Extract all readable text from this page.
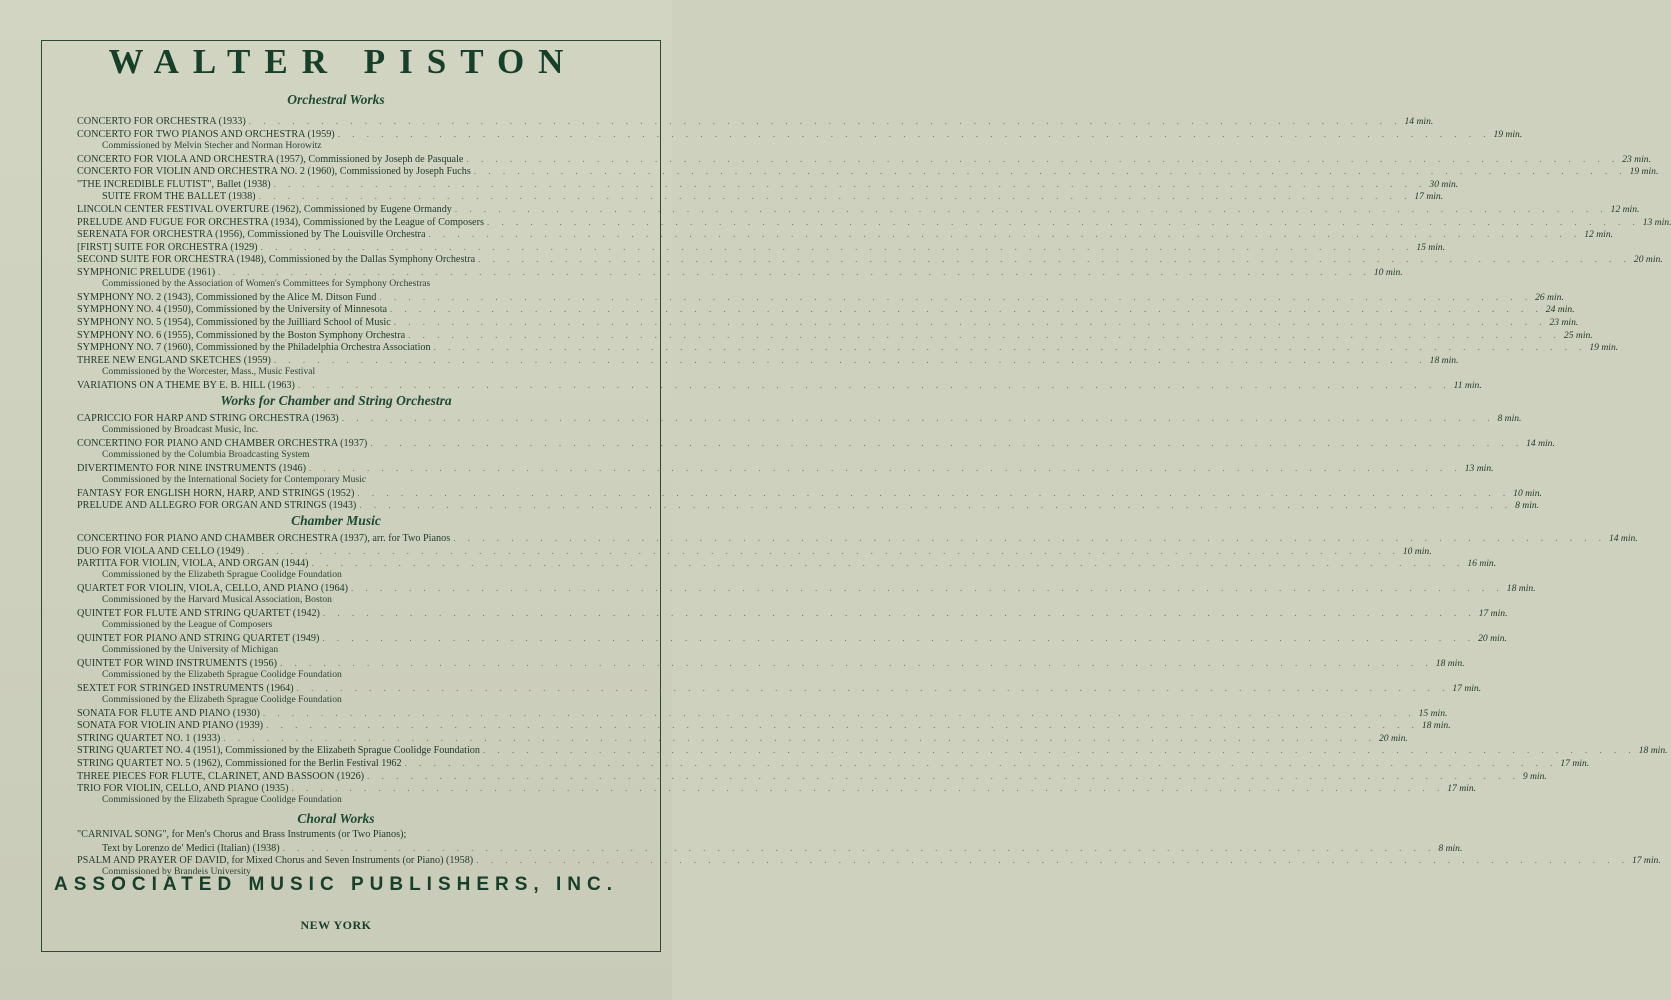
WALTER PISTON
Orchestral Works
CONCERTO FOR ORCHESTRA (1933) . . . . . . . . . . . . . . . . . . . . . . . . . . . . . . . . . . . . . . . . . . . . . . . . . . . . . . . . . . . . . . . . . . . . . . . . . . . . . . . . 14 min.
CONCERTO FOR TWO PIANOS AND ORCHESTRA (1959) . . . . . . . . . . . . . . . . . . . . . . . . . . . . . . . . . . . . . . . . . . . . . . . . . . . . . . . . . . . . . . . . . . . . . . . . . . . . . . . . 19 min.
Commissioned by Melvin Stecher and Norman Horowitz
CONCERTO FOR VIOLA AND ORCHESTRA (1957), Commissioned by Joseph de Pasquale . . . . . . . . . . . . . . . . . . . . . . . . . . . . . . . . . . . . . . . . . . . . . . . . . . . . . . . . . . . . . . . . . . . . . . . . . . . . . . . . 23 min.
CONCERTO FOR VIOLIN AND ORCHESTRA NO. 2 (1960), Commissioned by Joseph Fuchs . . . . . . . . . . . . . . . . . . . . . . . . . . . . . . . . . . . . . . . . . . . . . . . . . . . . . . . . . . . . . . . . . . . . . . . . . . . . . . . . 19 min.
"THE INCREDIBLE FLUTIST", Ballet (1938) . . . . . . . . . . . . . . . . . . . . . . . . . . . . . . . . . . . . . . . . . . . . . . . . . . . . . . . . . . . . . . . . . . . . . . . . . . . . . . . . 30 min.
SUITE FROM THE BALLET (1938) . . . . . . . . . . . . . . . . . . . . . . . . . . . . . . . . . . . . . . . . . . . . . . . . . . . . . . . . . . . . . . . . . . . . . . . . . . . . . . . . 17 min.
LINCOLN CENTER FESTIVAL OVERTURE (1962), Commissioned by Eugene Ormandy . . . . . . . . . . . . . . . . . . . . . . . . . . . . . . . . . . . . . . . . . . . . . . . . . . . . . . . . . . . . . . . . . . . . . . . . . . . . . . . . 12 min.
PRELUDE AND FUGUE FOR ORCHESTRA (1934), Commissioned by the League of Composers . . . . . . . . . . . . . . . . . . . . . . . . . . . . . . . . . . . . . . . . . . . . . . . . . . . . . . . . . . . . . . . . . . . . . . . . . . . . . . . . 13 min.
SERENATA FOR ORCHESTRA (1956), Commissioned by The Louisville Orchestra . . . . . . . . . . . . . . . . . . . . . . . . . . . . . . . . . . . . . . . . . . . . . . . . . . . . . . . . . . . . . . . . . . . . . . . . . . . . . . . . 12 min.
[FIRST] SUITE FOR ORCHESTRA (1929) . . . . . . . . . . . . . . . . . . . . . . . . . . . . . . . . . . . . . . . . . . . . . . . . . . . . . . . . . . . . . . . . . . . . . . . . . . . . . . . . 15 min.
SECOND SUITE FOR ORCHESTRA (1948), Commissioned by the Dallas Symphony Orchestra . . . . . . . . . . . . . . . . . . . . . . . . . . . . . . . . . . . . . . . . . . . . . . . . . . . . . . . . . . . . . . . . . . . . . . . . . . . . . . . . 20 min.
SYMPHONIC PRELUDE (1961) . . . . . . . . . . . . . . . . . . . . . . . . . . . . . . . . . . . . . . . . . . . . . . . . . . . . . . . . . . . . . . . . . . . . . . . . . . . . . . . . 10 min.
Commissioned by the Association of Women's Committees for Symphony Orchestras
SYMPHONY NO. 2 (1943), Commissioned by the Alice M. Ditson Fund . . . . . . . . . . . . . . . . . . . . . . . . . . . . . . . . . . . . . . . . . . . . . . . . . . . . . . . . . . . . . . . . . . . . . . . . . . . . . . . . 26 min.
SYMPHONY NO. 4 (1950), Commissioned by the University of Minnesota . . . . . . . . . . . . . . . . . . . . . . . . . . . . . . . . . . . . . . . . . . . . . . . . . . . . . . . . . . . . . . . . . . . . . . . . . . . . . . . . 24 min.
SYMPHONY NO. 5 (1954), Commissioned by the Juilliard School of Music . . . . . . . . . . . . . . . . . . . . . . . . . . . . . . . . . . . . . . . . . . . . . . . . . . . . . . . . . . . . . . . . . . . . . . . . . . . . . . . . 23 min.
SYMPHONY NO. 6 (1955), Commissioned by the Boston Symphony Orchestra . . . . . . . . . . . . . . . . . . . . . . . . . . . . . . . . . . . . . . . . . . . . . . . . . . . . . . . . . . . . . . . . . . . . . . . . . . . . . . . . 25 min.
SYMPHONY NO. 7 (1960), Commissioned by the Philadelphia Orchestra Association . . . . . . . . . . . . . . . . . . . . . . . . . . . . . . . . . . . . . . . . . . . . . . . . . . . . . . . . . . . . . . . . . . . . . . . . . . . . . . . . 19 min.
THREE NEW ENGLAND SKETCHES (1959) . . . . . . . . . . . . . . . . . . . . . . . . . . . . . . . . . . . . . . . . . . . . . . . . . . . . . . . . . . . . . . . . . . . . . . . . . . . . . . . . 18 min.
Commissioned by the Worcester, Mass., Music Festival
VARIATIONS ON A THEME BY E. B. HILL (1963) . . . . . . . . . . . . . . . . . . . . . . . . . . . . . . . . . . . . . . . . . . . . . . . . . . . . . . . . . . . . . . . . . . . . . . . . . . . . . . . . 11 min.
Works for Chamber and String Orchestra
CAPRICCIO FOR HARP AND STRING ORCHESTRA (1963) . . . . . . . . . . . . . . . . . . . . . . . . . . . . . . . . . . . . . . . . . . . . . . . . . . . . . . . . . . . . . . . . . . . . . . . . . . . . . . . . 8 min.
Commissioned by Broadcast Music, Inc.
CONCERTINO FOR PIANO AND CHAMBER ORCHESTRA (1937) . . . . . . . . . . . . . . . . . . . . . . . . . . . . . . . . . . . . . . . . . . . . . . . . . . . . . . . . . . . . . . . . . . . . . . . . . . . . . . . . 14 min.
Commissioned by the Columbia Broadcasting System
DIVERTIMENTO FOR NINE INSTRUMENTS (1946) . . . . . . . . . . . . . . . . . . . . . . . . . . . . . . . . . . . . . . . . . . . . . . . . . . . . . . . . . . . . . . . . . . . . . . . . . . . . . . . . 13 min.
Commissioned by the International Society for Contemporary Music
FANTASY FOR ENGLISH HORN, HARP, AND STRINGS (1952) . . . . . . . . . . . . . . . . . . . . . . . . . . . . . . . . . . . . . . . . . . . . . . . . . . . . . . . . . . . . . . . . . . . . . . . . . . . . . . . . 10 min.
PRELUDE AND ALLEGRO FOR ORGAN AND STRINGS (1943) . . . . . . . . . . . . . . . . . . . . . . . . . . . . . . . . . . . . . . . . . . . . . . . . . . . . . . . . . . . . . . . . . . . . . . . . . . . . . . . . 8 min.
Chamber Music
CONCERTINO FOR PIANO AND CHAMBER ORCHESTRA (1937), arr. for Two Pianos . . . . . . . . . . . . . . . . . . . . . . . . . . . . . . . . . . . . . . . . . . . . . . . . . . . . . . . . . . . . . . . . . . . . . . . . . . . . . . . . 14 min.
DUO FOR VIOLA AND CELLO (1949) . . . . . . . . . . . . . . . . . . . . . . . . . . . . . . . . . . . . . . . . . . . . . . . . . . . . . . . . . . . . . . . . . . . . . . . . . . . . . . . . 10 min.
PARTITA FOR VIOLIN, VIOLA, AND ORGAN (1944) . . . . . . . . . . . . . . . . . . . . . . . . . . . . . . . . . . . . . . . . . . . . . . . . . . . . . . . . . . . . . . . . . . . . . . . . . . . . . . . . 16 min.
Commissioned by the Elizabeth Sprague Coolidge Foundation
QUARTET FOR VIOLIN, VIOLA, CELLO, AND PIANO (1964) . . . . . . . . . . . . . . . . . . . . . . . . . . . . . . . . . . . . . . . . . . . . . . . . . . . . . . . . . . . . . . . . . . . . . . . . . . . . . . . . 18 min.
Commissioned by the Harvard Musical Association, Boston
QUINTET FOR FLUTE AND STRING QUARTET (1942) . . . . . . . . . . . . . . . . . . . . . . . . . . . . . . . . . . . . . . . . . . . . . . . . . . . . . . . . . . . . . . . . . . . . . . . . . . . . . . . . 17 min.
Commissioned by the League of Composers
QUINTET FOR PIANO AND STRING QUARTET (1949) . . . . . . . . . . . . . . . . . . . . . . . . . . . . . . . . . . . . . . . . . . . . . . . . . . . . . . . . . . . . . . . . . . . . . . . . . . . . . . . . 20 min.
Commissioned by the University of Michigan
QUINTET FOR WIND INSTRUMENTS (1956) . . . . . . . . . . . . . . . . . . . . . . . . . . . . . . . . . . . . . . . . . . . . . . . . . . . . . . . . . . . . . . . . . . . . . . . . . . . . . . . . 18 min.
Commissioned by the Elizabeth Sprague Coolidge Foundation
SEXTET FOR STRINGED INSTRUMENTS (1964) . . . . . . . . . . . . . . . . . . . . . . . . . . . . . . . . . . . . . . . . . . . . . . . . . . . . . . . . . . . . . . . . . . . . . . . . . . . . . . . . 17 min.
Commissioned by the Elizabeth Sprague Coolidge Foundation
SONATA FOR FLUTE AND PIANO (1930) . . . . . . . . . . . . . . . . . . . . . . . . . . . . . . . . . . . . . . . . . . . . . . . . . . . . . . . . . . . . . . . . . . . . . . . . . . . . . . . . 15 min.
SONATA FOR VIOLIN AND PIANO (1939) . . . . . . . . . . . . . . . . . . . . . . . . . . . . . . . . . . . . . . . . . . . . . . . . . . . . . . . . . . . . . . . . . . . . . . . . . . . . . . . . 18 min.
STRING QUARTET NO. 1 (1933) . . . . . . . . . . . . . . . . . . . . . . . . . . . . . . . . . . . . . . . . . . . . . . . . . . . . . . . . . . . . . . . . . . . . . . . . . . . . . . . . 20 min.
STRING QUARTET NO. 4 (1951), Commissioned by the Elizabeth Sprague Coolidge Foundation . . . . . . . . . . . . . . . . . . . . . . . . . . . . . . . . . . . . . . . . . . . . . . . . . . . . . . . . . . . . . . . . . . . . . . . . . . . . . . . . 18 min.
STRING QUARTET NO. 5 (1962), Commissioned for the Berlin Festival 1962 . . . . . . . . . . . . . . . . . . . . . . . . . . . . . . . . . . . . . . . . . . . . . . . . . . . . . . . . . . . . . . . . . . . . . . . . . . . . . . . . 17 min.
THREE PIECES FOR FLUTE, CLARINET, AND BASSOON (1926) . . . . . . . . . . . . . . . . . . . . . . . . . . . . . . . . . . . . . . . . . . . . . . . . . . . . . . . . . . . . . . . . . . . . . . . . . . . . . . . . 9 min.
TRIO FOR VIOLIN, CELLO, AND PIANO (1935) . . . . . . . . . . . . . . . . . . . . . . . . . . . . . . . . . . . . . . . . . . . . . . . . . . . . . . . . . . . . . . . . . . . . . . . . . . . . . . . . 17 min.
Commissioned by the Elizabeth Sprague Coolidge Foundation
Choral Works
"CARNIVAL SONG", for Men's Chorus and Brass Instruments (or Two Pianos);
Text by Lorenzo de' Medici (Italian) (1938) . . . . . . . . . . . . . . . . . . . . . . . . . . . . . . . . . . . . . . . . . . . . . . . . . . . . . . . . . . . . . . . . . . . . . . . . . . . . . . . . 8 min.
PSALM AND PRAYER OF DAVID, for Mixed Chorus and Seven Instruments (or Piano) (1958) . . . . . . . . . . . . . . . . . . . . . . . . . . . . . . . . . . . . . . . . . . . . . . . . . . . . . . . . . . . . . . . . . . . . . . . . . . . . . . . . 17 min.
Commissioned by Brandeis University
ASSOCIATED MUSIC PUBLISHERS, INC.
NEW YORK
